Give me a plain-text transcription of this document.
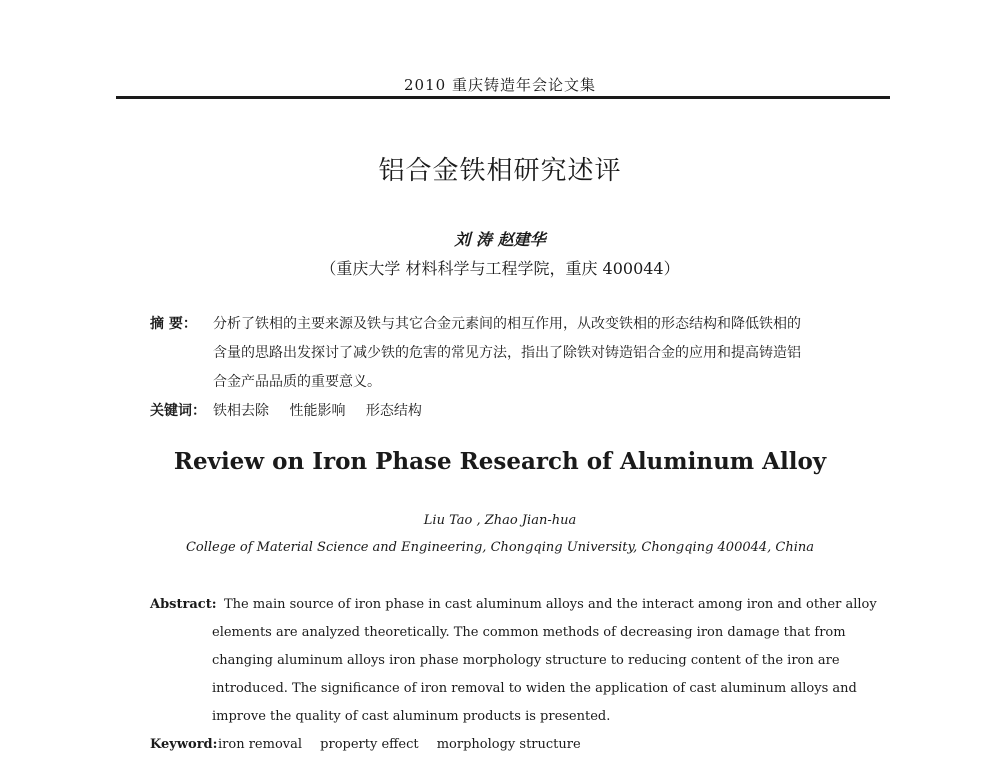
2010 重庆铸造年会论文集
铝合金铁相研究述评
刘 涛 赵建华
（重庆大学 材料科学与工程学院，重庆 400044）
摘 要： 分析了铁相的主要来源及铁与其它合金元素间的相互作用，从改变铁相的形态结构和降低铁相的
含量的思路出发探讨了减少铁的危害的常见方法，指出了除铁对铸造铝合金的应用和提高铸造铝
合金产品品质的重要意义。
关键词： 铁相去除 性能影响 形态结构
Review on Iron Phase Research of Aluminum Alloy
Liu Tao , Zhao Jian-hua
College of Material Science and Engineering, Chongqing University, Chongqing 400044, China
Abstract: The main source of iron phase in cast aluminum alloys and the interact among iron and other alloy
elements are analyzed theoretically. The common methods of decreasing iron damage that from
changing aluminum alloys iron phase morphology structure to reducing content of the iron are
introduced. The significance of iron removal to widen the application of cast aluminum alloys and
improve the quality of cast aluminum products is presented.
Keyword: iron removal property effect morphology structure
